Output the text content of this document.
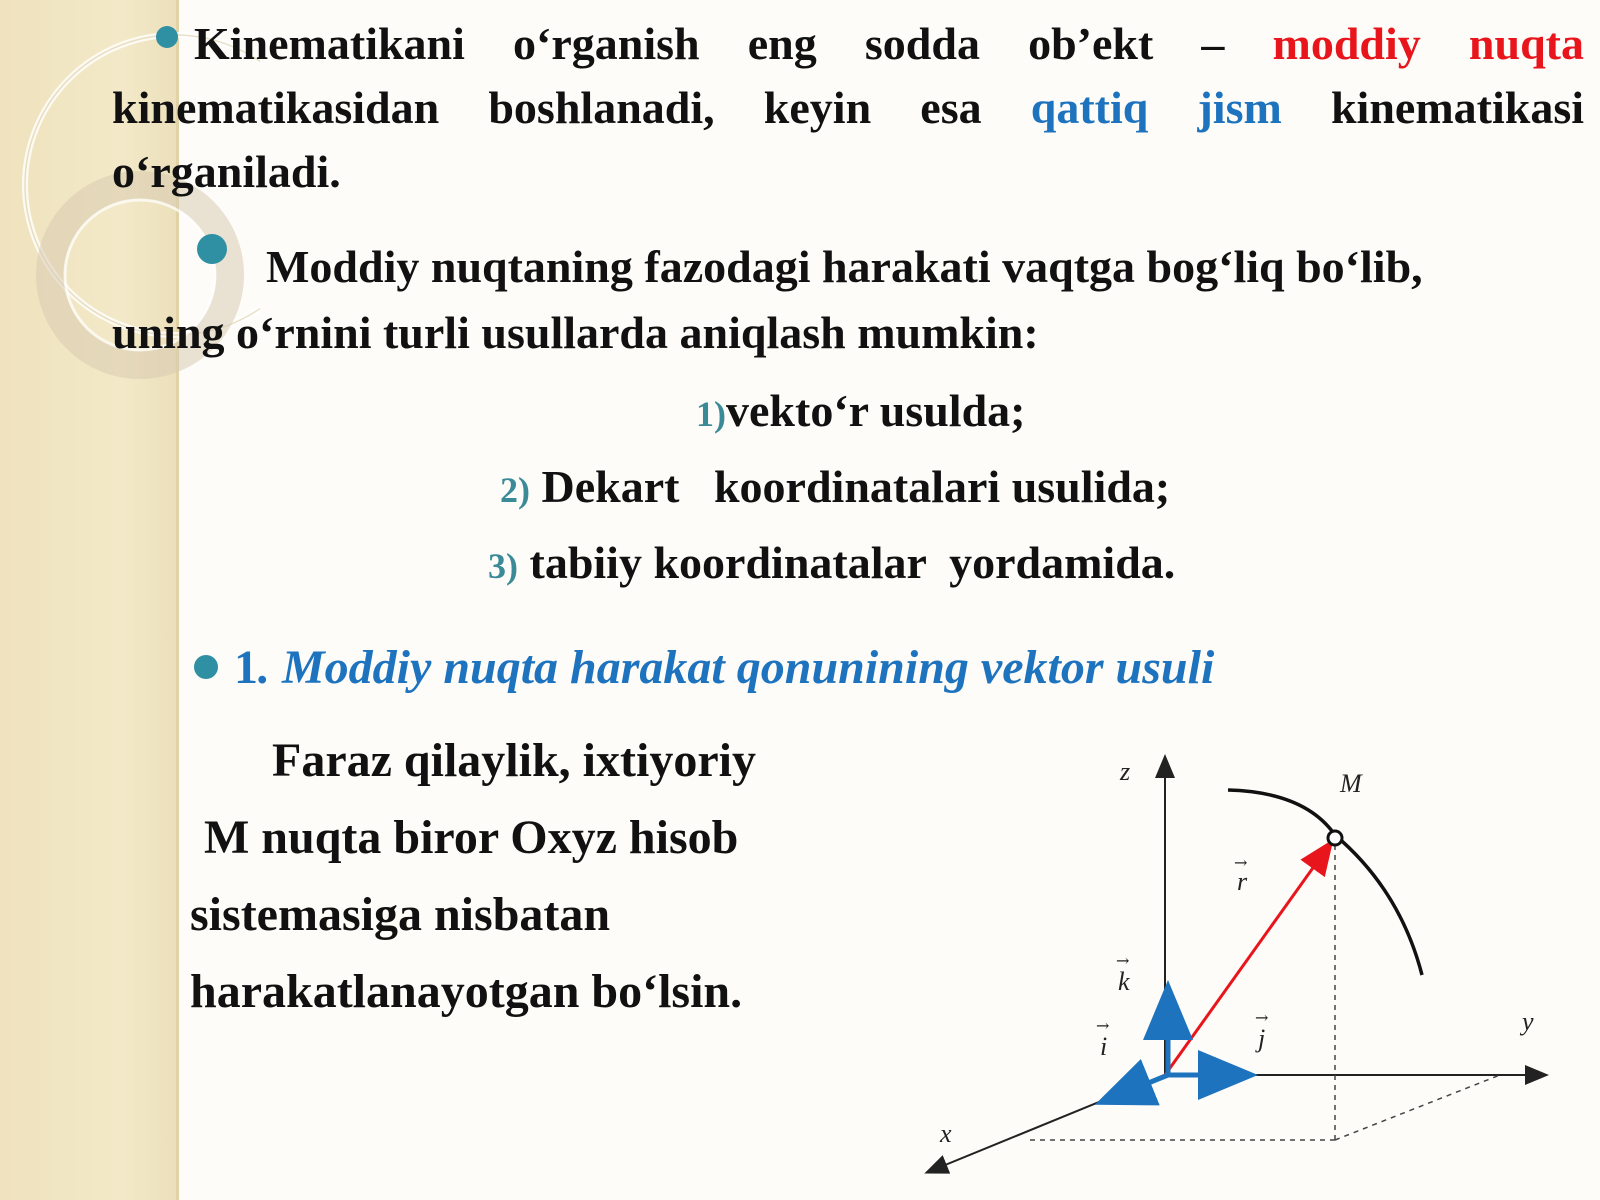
Kinematikani o‘rganish eng sodda ob’ekt – moddiy nuqta kinematikasidan boshlanadi, keyin esa qattiq jism kinematikasi o‘rganiladi.

Moddiy nuqtaning fazodagi harakati vaqtga bog‘liq bo‘lib, uning o‘rnini turli usullarda aniqlash mumkin:

1)vekto‘r usulda;
2) Dekart   koordinatalari usulida;
3) tabiiy koordinatalar  yordamida.
1. Moddiy nuqta harakat qonunining vektor usuli
Faraz qilaylik, ixtiyoriy
M nuqta biror Oxyz hisob
sistemasiga nisbatan
harakatlanayotgan bo‘lsin.
z
y
x
M
r
→
k
→
j
→
i
→
